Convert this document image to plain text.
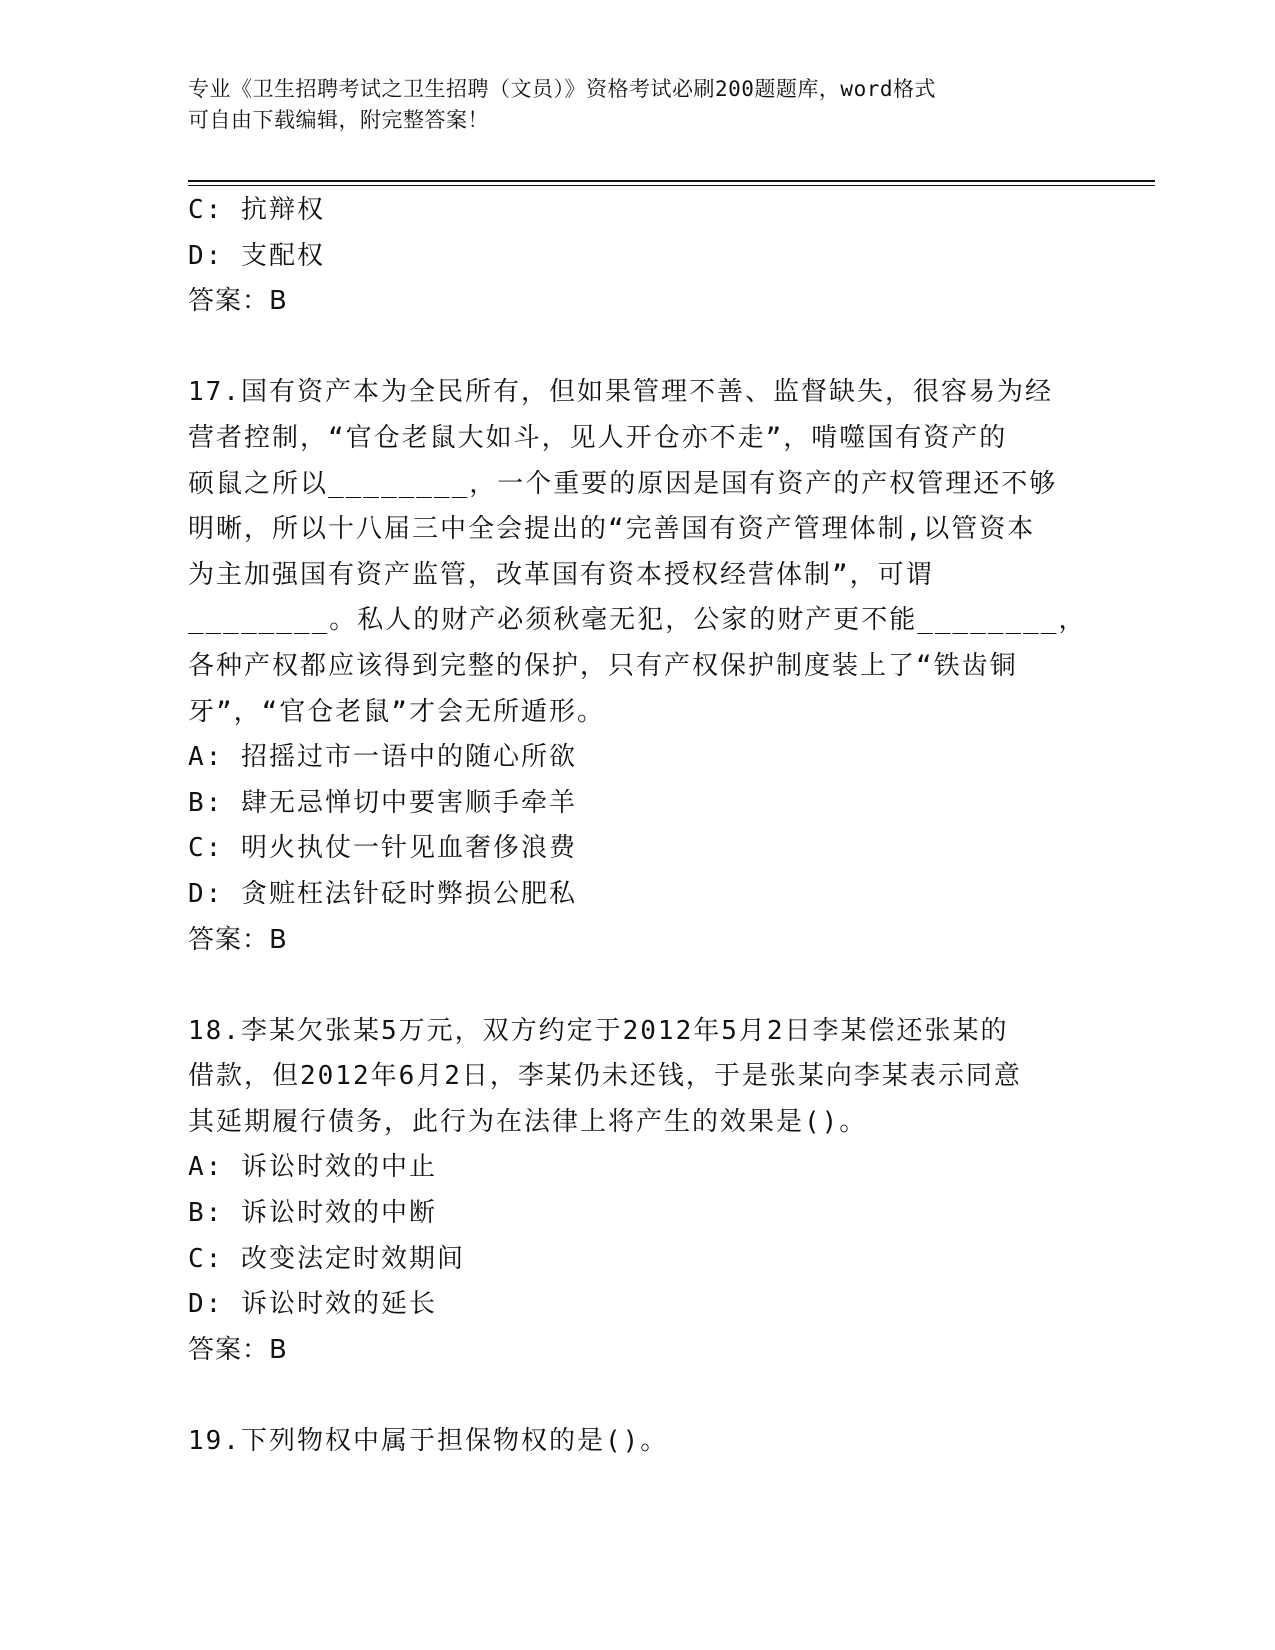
专业《卫生招聘考试之卫生招聘（文员）》资格考试必刷200题题库，word格式

可自由下载编辑，附完整答案！

C: 抗辩权

D: 支配权

答案：B

17.国有资产本为全民所有，但如果管理不善、监督缺失，很容易为经

营者控制，“官仓老鼠大如斗，见人开仓亦不走”，啃噬国有资产的

硕鼠之所以________，一个重要的原因是国有资产的产权管理还不够

明晰，所以十八届三中全会提出的“完善国有资产管理体制,以管资本

为主加强国有资产监管，改革国有资本授权经营体制”，可谓

________。私人的财产必须秋毫无犯，公家的财产更不能________，

各种产权都应该得到完整的保护，只有产权保护制度装上了“铁齿铜

牙”，“官仓老鼠”才会无所遁形。

A: 招摇过市一语中的随心所欲

B: 肆无忌惮切中要害顺手牵羊

C: 明火执仗一针见血奢侈浪费

D: 贪赃枉法针砭时弊损公肥私

答案：B

18.李某欠张某5万元，双方约定于2012年5月2日李某偿还张某的

借款，但2012年6月2日，李某仍未还钱，于是张某向李某表示同意

其延期履行债务，此行为在法律上将产生的效果是()。

A: 诉讼时效的中止

B: 诉讼时效的中断

C: 改变法定时效期间

D: 诉讼时效的延长

答案：B

19.下列物权中属于担保物权的是()。
